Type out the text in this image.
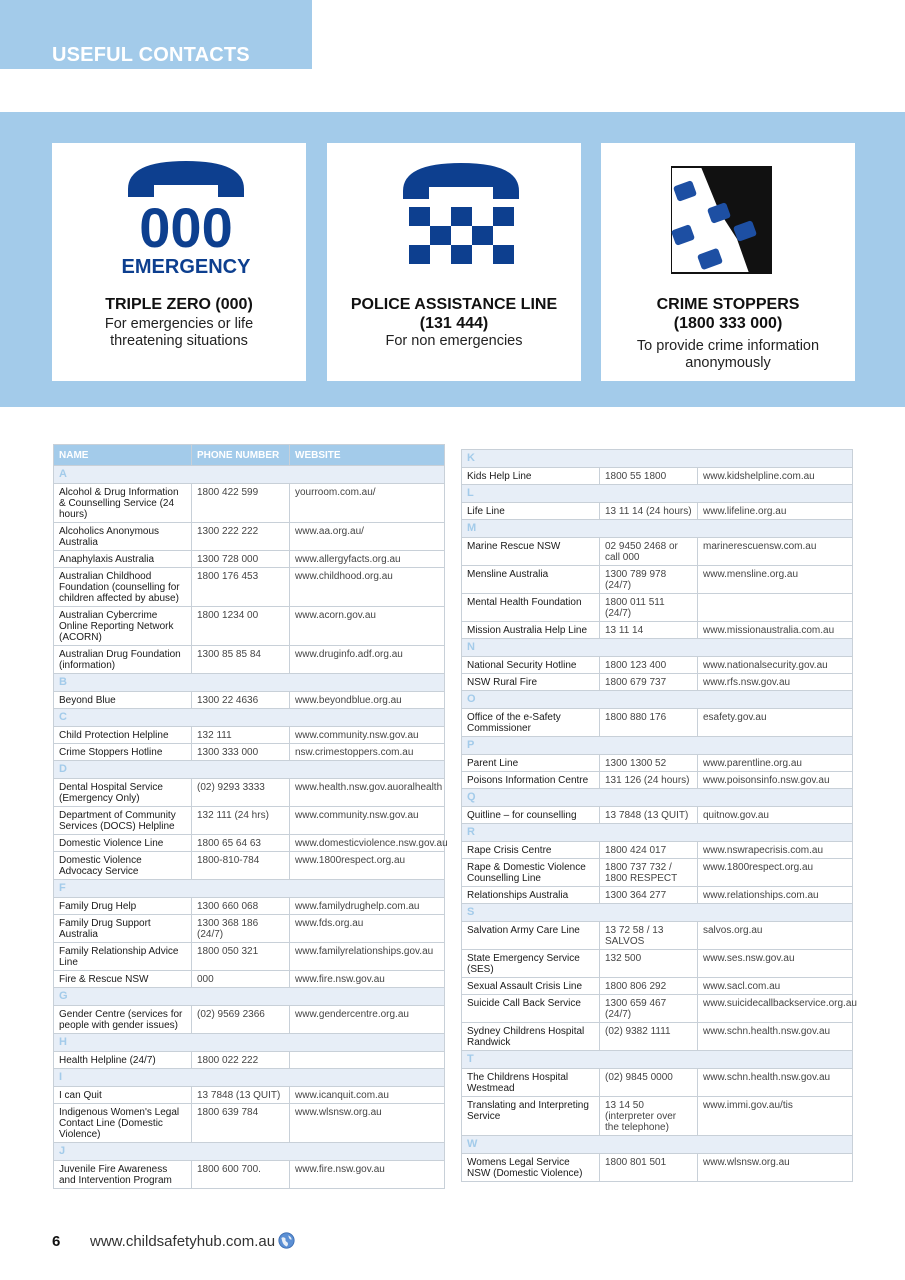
USEFUL CONTACTS
000
EMERGENCY
TRIPLE ZERO (000)
For emergencies or life threatening situations
POLICE ASSISTANCE LINE (131 444)
For non emergencies
CRIME STOPPERS (1800 333 000)
To provide crime information anonymously
NAME	PHONE NUMBER	WEBSITE
A		
Alcohol & Drug Information & Counselling Service (24 hours)	1800 422 599	yourroom.com.au/
Alcoholics Anonymous Australia	1300 222 222	www.aa.org.au/
Anaphylaxis Australia	1300 728 000	www.allergyfacts.org.au
Australian Childhood Foundation (counselling for children affected by abuse)	1800 176 453	www.childhood.org.au
Australian Cybercrime Online Reporting Network (ACORN)	1800 1234 00	www.acorn.gov.au
Australian Drug Foundation (information)	1300 85 85 84	www.druginfo.adf.org.au
B		
Beyond Blue	1300 22 4636	www.beyondblue.org.au
C		
Child Protection Helpline	132 111	www.community.nsw.gov.au
Crime Stoppers Hotline	1300 333 000	nsw.crimestoppers.com.au
D		
Dental Hospital Service (Emergency Only)	(02) 9293 3333	www.health.nsw.gov.auoralhealth
Department of Community Services (DOCS) Helpline	132 111 (24 hrs)	www.community.nsw.gov.au
Domestic Violence Line	1800 65 64 63	www.domesticviolence.nsw.gov.au
Domestic Violence Advocacy Service	1800-810-784	www.1800respect.org.au
F		
Family Drug Help	1300 660 068	www.familydrughelp.com.au
Family Drug Support Australia	1300 368 186 (24/7)	www.fds.org.au
Family Relationship Advice Line	1800 050 321	www.familyrelationships.gov.au
Fire & Rescue NSW	000	www.fire.nsw.gov.au
G		
Gender Centre (services for people with gender issues)	(02) 9569 2366	www.gendercentre.org.au
H		
Health Helpline (24/7)	1800 022 222	
I		
I can Quit	13 7848 (13 QUIT)	www.icanquit.com.au
Indigenous Women's Legal Contact Line (Domestic Violence)	1800 639 784	www.wlsnsw.org.au
J		
Juvenile Fire Awareness and Intervention Program	1800 600 700.	www.fire.nsw.gov.au
K		
Kids Help Line	1800 55 1800	www.kidshelpline.com.au
L		
Life Line	13 11 14 (24 hours)	www.lifeline.org.au
M		
Marine Rescue NSW	02 9450 2468 or call 000	marinerescuensw.com.au
Mensline Australia	1300 789 978 (24/7)	www.mensline.org.au
Mental Health Foundation	1800 011 511 (24/7)	
Mission Australia Help Line	13 11 14	www.missionaustralia.com.au
N		
National Security Hotline	1800 123 400	www.nationalsecurity.gov.au
NSW Rural Fire	1800 679 737	www.rfs.nsw.gov.au
O		
Office of the e-Safety Commissioner	1800 880 176	esafety.gov.au
P		
Parent Line	1300 1300 52	www.parentline.org.au
Poisons Information Centre	131 126 (24 hours)	www.poisonsinfo.nsw.gov.au
Q		
Quitline – for counselling	13 7848 (13 QUIT)	quitnow.gov.au
R		
Rape Crisis Centre	1800 424 017	www.nswrapecrisis.com.au
Rape & Domestic Violence Counselling Line	1800 737 732 / 1800 RESPECT	www.1800respect.org.au
Relationships Australia	1300 364 277	www.relationships.com.au
S		
Salvation Army Care Line	13 72 58 / 13 SALVOS	salvos.org.au
State Emergency Service (SES)	132 500	www.ses.nsw.gov.au
Sexual Assault Crisis Line	1800 806 292	www.sacl.com.au
Suicide Call Back Service	1300 659 467 (24/7)	www.suicidecallbackservice.org.au
Sydney Childrens Hospital Randwick	(02) 9382 1111	www.schn.health.nsw.gov.au
T		
The Childrens Hospital Westmead	(02) 9845 0000	www.schn.health.nsw.gov.au
Translating and Interpreting Service	13 14 50 (interpreter over the telephone)	www.immi.gov.au/tis
W		
Womens Legal Service NSW (Domestic Violence)	1800 801 501	www.wlsnsw.org.au
6 www.childsafetyhub.com.au
